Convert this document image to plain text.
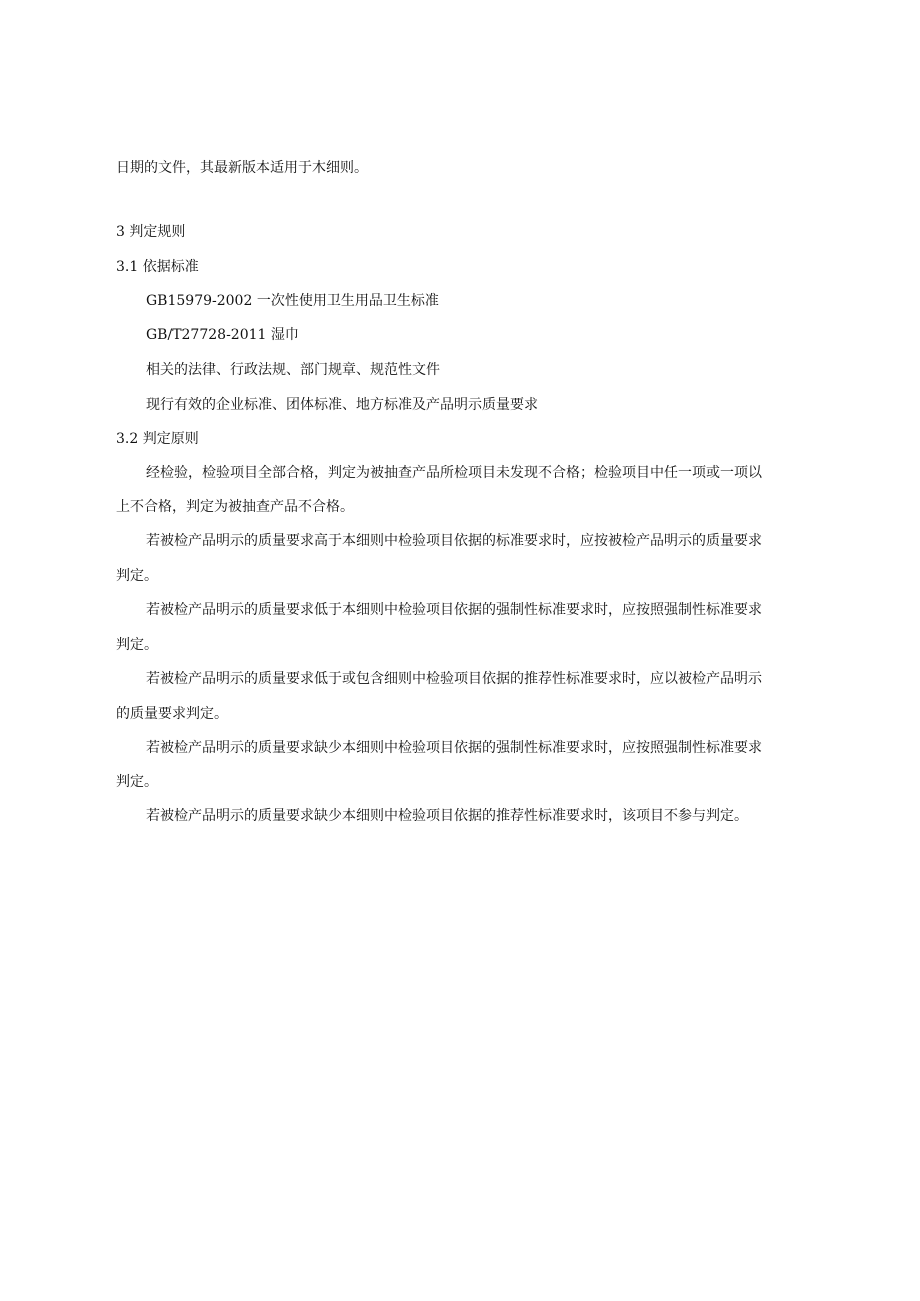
日期的文件，其最新版本适用于木细则。
3 判定规则
3.1 依据标准
GB15979-2002 一次性使用卫生用品卫生标准
GB/T27728-2011 湿巾
相关的法律、行政法规、部门规章、规范性文件
现行有效的企业标准、团体标准、地方标准及产品明示质量要求
3.2 判定原则
经检验，检验项目全部合格，判定为被抽查产品所检项目未发现不合格；检验项目中任一项或一项以
上不合格，判定为被抽查产品不合格。
若被检产品明示的质量要求高于本细则中检验项目依据的标准要求时，应按被检产品明示的质量要求
判定。
若被检产品明示的质量要求低于本细则中检验项目依据的强制性标准要求时，应按照强制性标准要求
判定。
若被检产品明示的质量要求低于或包含细则中检验项目依据的推荐性标准要求时，应以被检产品明示
的质量要求判定。
若被检产品明示的质量要求缺少本细则中检验项目依据的强制性标准要求时，应按照强制性标准要求
判定。
若被检产品明示的质量要求缺少本细则中检验项目依据的推荐性标准要求时，该项目不参与判定。
